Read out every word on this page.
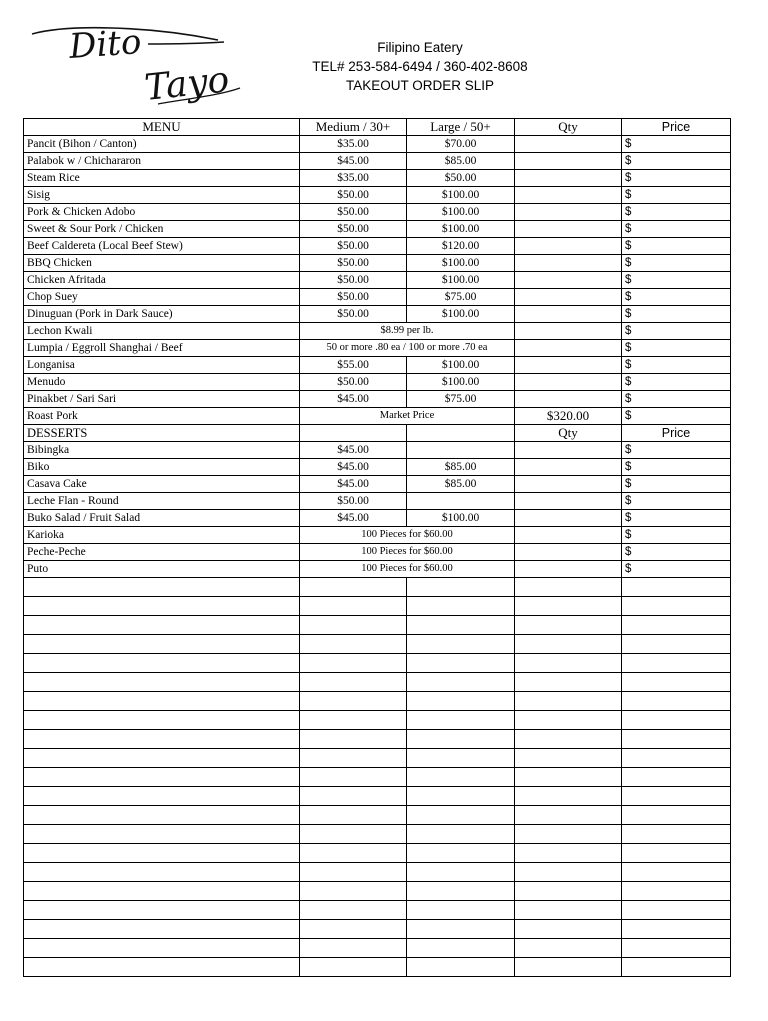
Dito
Tayo
Filipino Eatery
TEL# 253-584-6494 / 360-402-8608
TAKEOUT ORDER SLIP
MENU	Medium / 30+	Large / 50+	Qty	Price
Pancit (Bihon / Canton)	$35.00	$70.00		$
Palabok w / Chichararon	$45.00	$85.00		$
Steam Rice	$35.00	$50.00		$
Sisig	$50.00	$100.00		$
Pork & Chicken Adobo	$50.00	$100.00		$
Sweet & Sour Pork / Chicken	$50.00	$100.00		$
Beef Caldereta (Local Beef Stew)	$50.00	$120.00		$
BBQ Chicken	$50.00	$100.00		$
Chicken Afritada	$50.00	$100.00		$
Chop Suey	$50.00	$75.00		$
Dinuguan (Pork in Dark Sauce)	$50.00	$100.00		$
Lechon Kwali	$8.99 per lb.			$
Lumpia / Eggroll Shanghai / Beef	50 or more .80 ea / 100 or more .70 ea			$
Longanisa	$55.00	$100.00		$
Menudo	$50.00	$100.00		$
Pinakbet / Sari Sari	$45.00	$75.00		$
Roast Pork	Market Price		$320.00	$
DESSERTS			Qty	Price
Bibingka	$45.00			$
Biko	$45.00	$85.00		$
Casava Cake	$45.00	$85.00		$
Leche Flan - Round	$50.00			$
Buko Salad / Fruit Salad	$45.00	$100.00		$
Karioka	100 Pieces for $60.00			$
Peche-Peche	100 Pieces for $60.00			$
Puto	100 Pieces for $60.00			$
